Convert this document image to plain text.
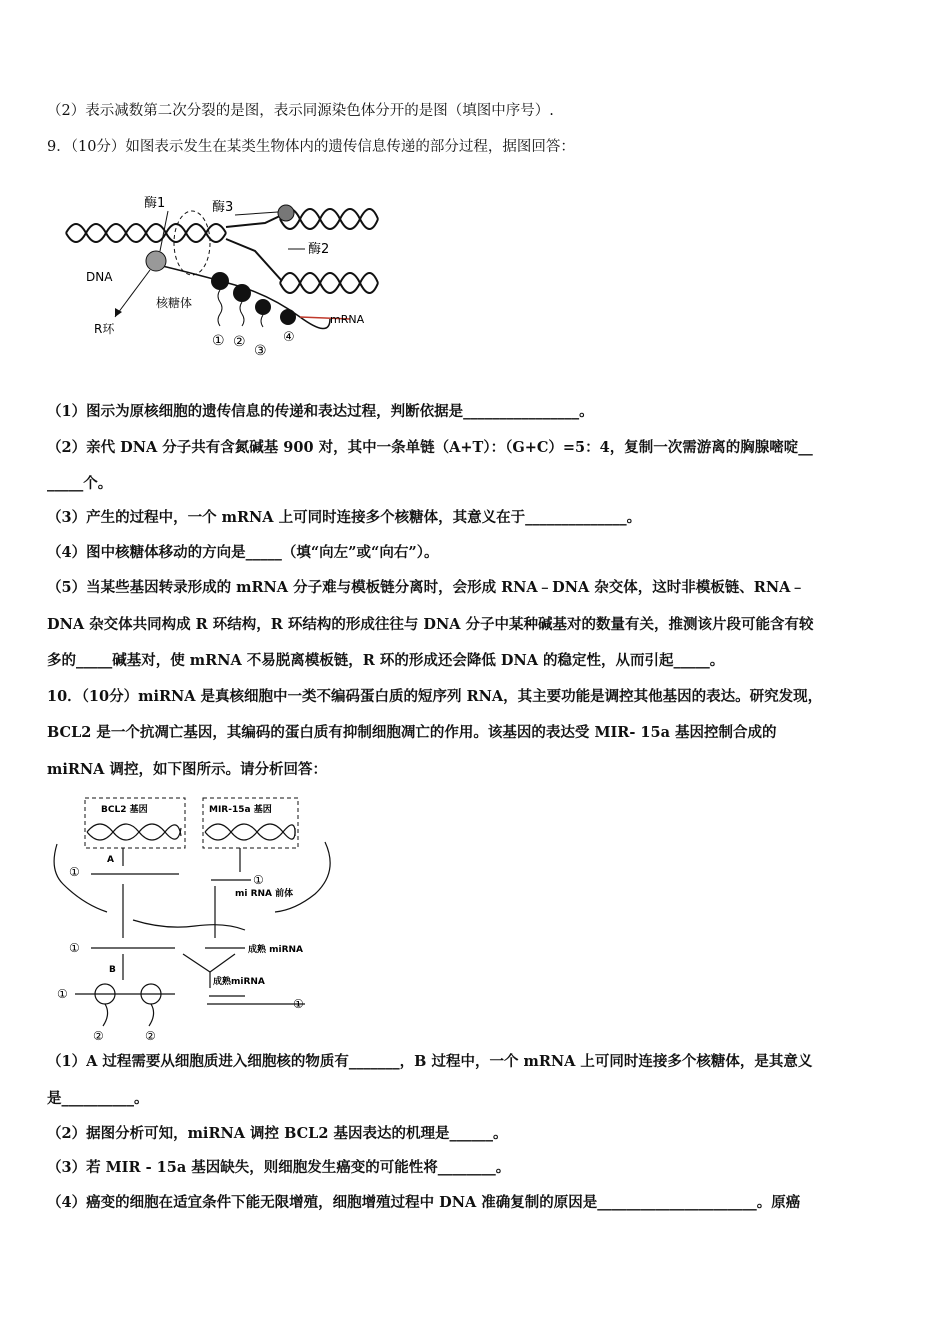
（2）表示减数第二次分裂的是图，表示同源染色体分开的是图（填图中序号）.
9．（10分）如图表示发生在某类生物体内的遗传信息传递的部分过程，据图回答：
酶1	酶3
酶2
DNA
核糖体
R环
mRNA
① ②
③
④
（1）图示为原核细胞的遗传信息的传递和表达过程，判断依据是________________。
（2）亲代 DNA 分子共有含氮碱基 900 对，其中一条单链（A+T）：（G+C）=5：4，复制一次需游离的胸腺嘧啶__
_____个。
（3）产生的过程中，一个 mRNA 上可同时连接多个核糖体，其意义在于______________。
（4）图中核糖体移动的方向是_____（填“向左”或“向右”）。
（5）当某些基因转录形成的 mRNA 分子难与模板链分离时，会形成 RNA﹣DNA 杂交体，这时非模板链、RNA﹣
DNA 杂交体共同构成 R 环结构，R 环结构的形成往往与 DNA 分子中某种碱基对的数量有关，推测该片段可能含有较
多的_____碱基对，使 mRNA 不易脱离模板链，R 环的形成还会降低 DNA 的稳定性，从而引起_____。
10．（10分）miRNA 是真核细胞中一类不编码蛋白质的短序列 RNA，其主要功能是调控其他基因的表达。研究发现，
BCL2 是一个抗凋亡基因，其编码的蛋白质有抑制细胞凋亡的作用。该基因的表达受 MIR- 15a 基因控制合成的
miRNA 调控，如下图所示。请分析回答：
BCL2 基因	MIR-15a 基因
A
B
mi RNA 前体
成熟 miRNA
成熟miRNA
①
①
①
①
①
②	②
（1）A 过程需要从细胞质进入细胞核的物质有_______，B 过程中，一个 mRNA 上可同时连接多个核糖体，是其意义
是__________。
（2）据图分析可知，miRNA 调控 BCL2 基因表达的机理是______。
（3）若 MIR - 15a 基因缺失，则细胞发生癌变的可能性将________。
（4）癌变的细胞在适宜条件下能无限增殖，细胞增殖过程中 DNA 准确复制的原因是______________________。原癌
